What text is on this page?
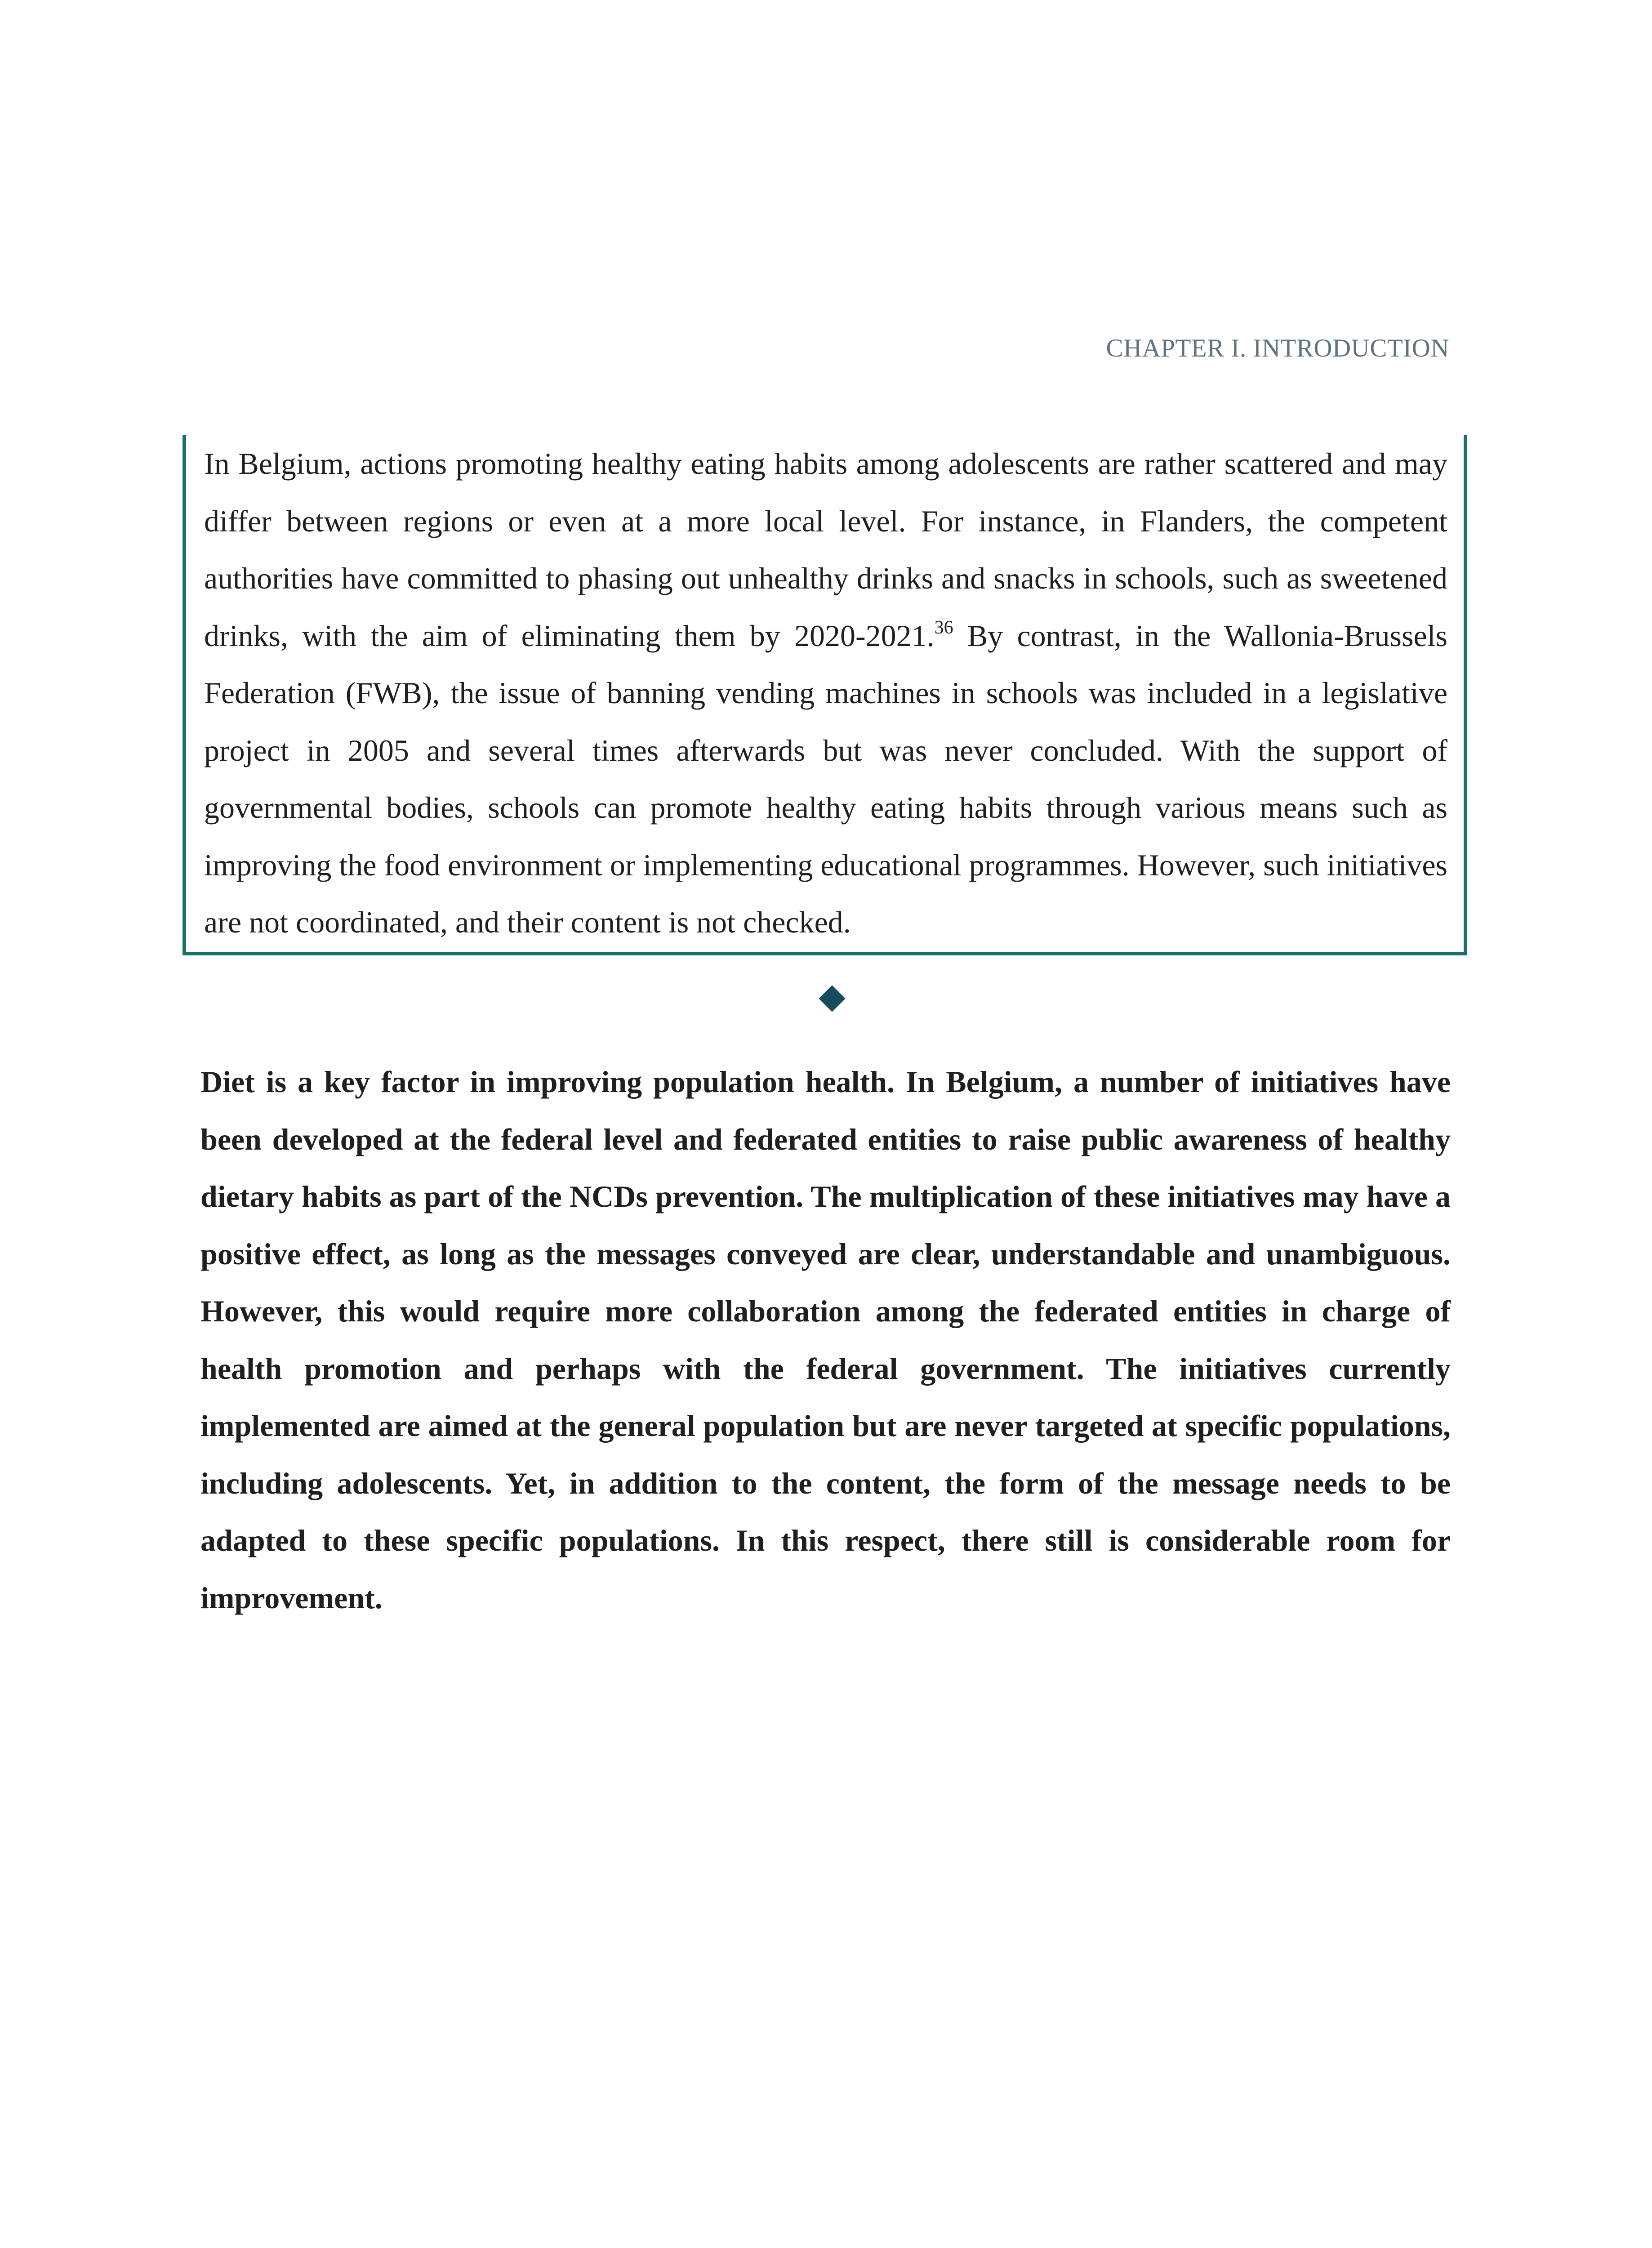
CHAPTER I. INTRODUCTION

In Belgium, actions promoting healthy eating habits among adolescents are rather scattered and may differ between regions or even at a more local level. For instance, in Flanders, the competent authorities have committed to phasing out unhealthy drinks and snacks in schools, such as sweetened drinks, with the aim of eliminating them by 2020-2021.36 By contrast, in the Wallonia-Brussels Federation (FWB), the issue of banning vending machines in schools was included in a legislative project in 2005 and several times afterwards but was never concluded. With the support of governmental bodies, schools can promote healthy eating habits through various means such as improving the food environment or implementing educational programmes. However, such initiatives are not coordinated, and their content is not checked.

Diet is a key factor in improving population health. In Belgium, a number of initiatives have been developed at the federal level and federated entities to raise public awareness of healthy dietary habits as part of the NCDs prevention. The multiplication of these initiatives may have a positive effect, as long as the messages conveyed are clear, understandable and unambiguous. However, this would require more collaboration among the federated entities in charge of health promotion and perhaps with the federal government. The initiatives currently implemented are aimed at the general population but are never targeted at specific populations, including adolescents. Yet, in addition to the content, the form of the message needs to be adapted to these specific populations. In this respect, there still is considerable room for improvement.
